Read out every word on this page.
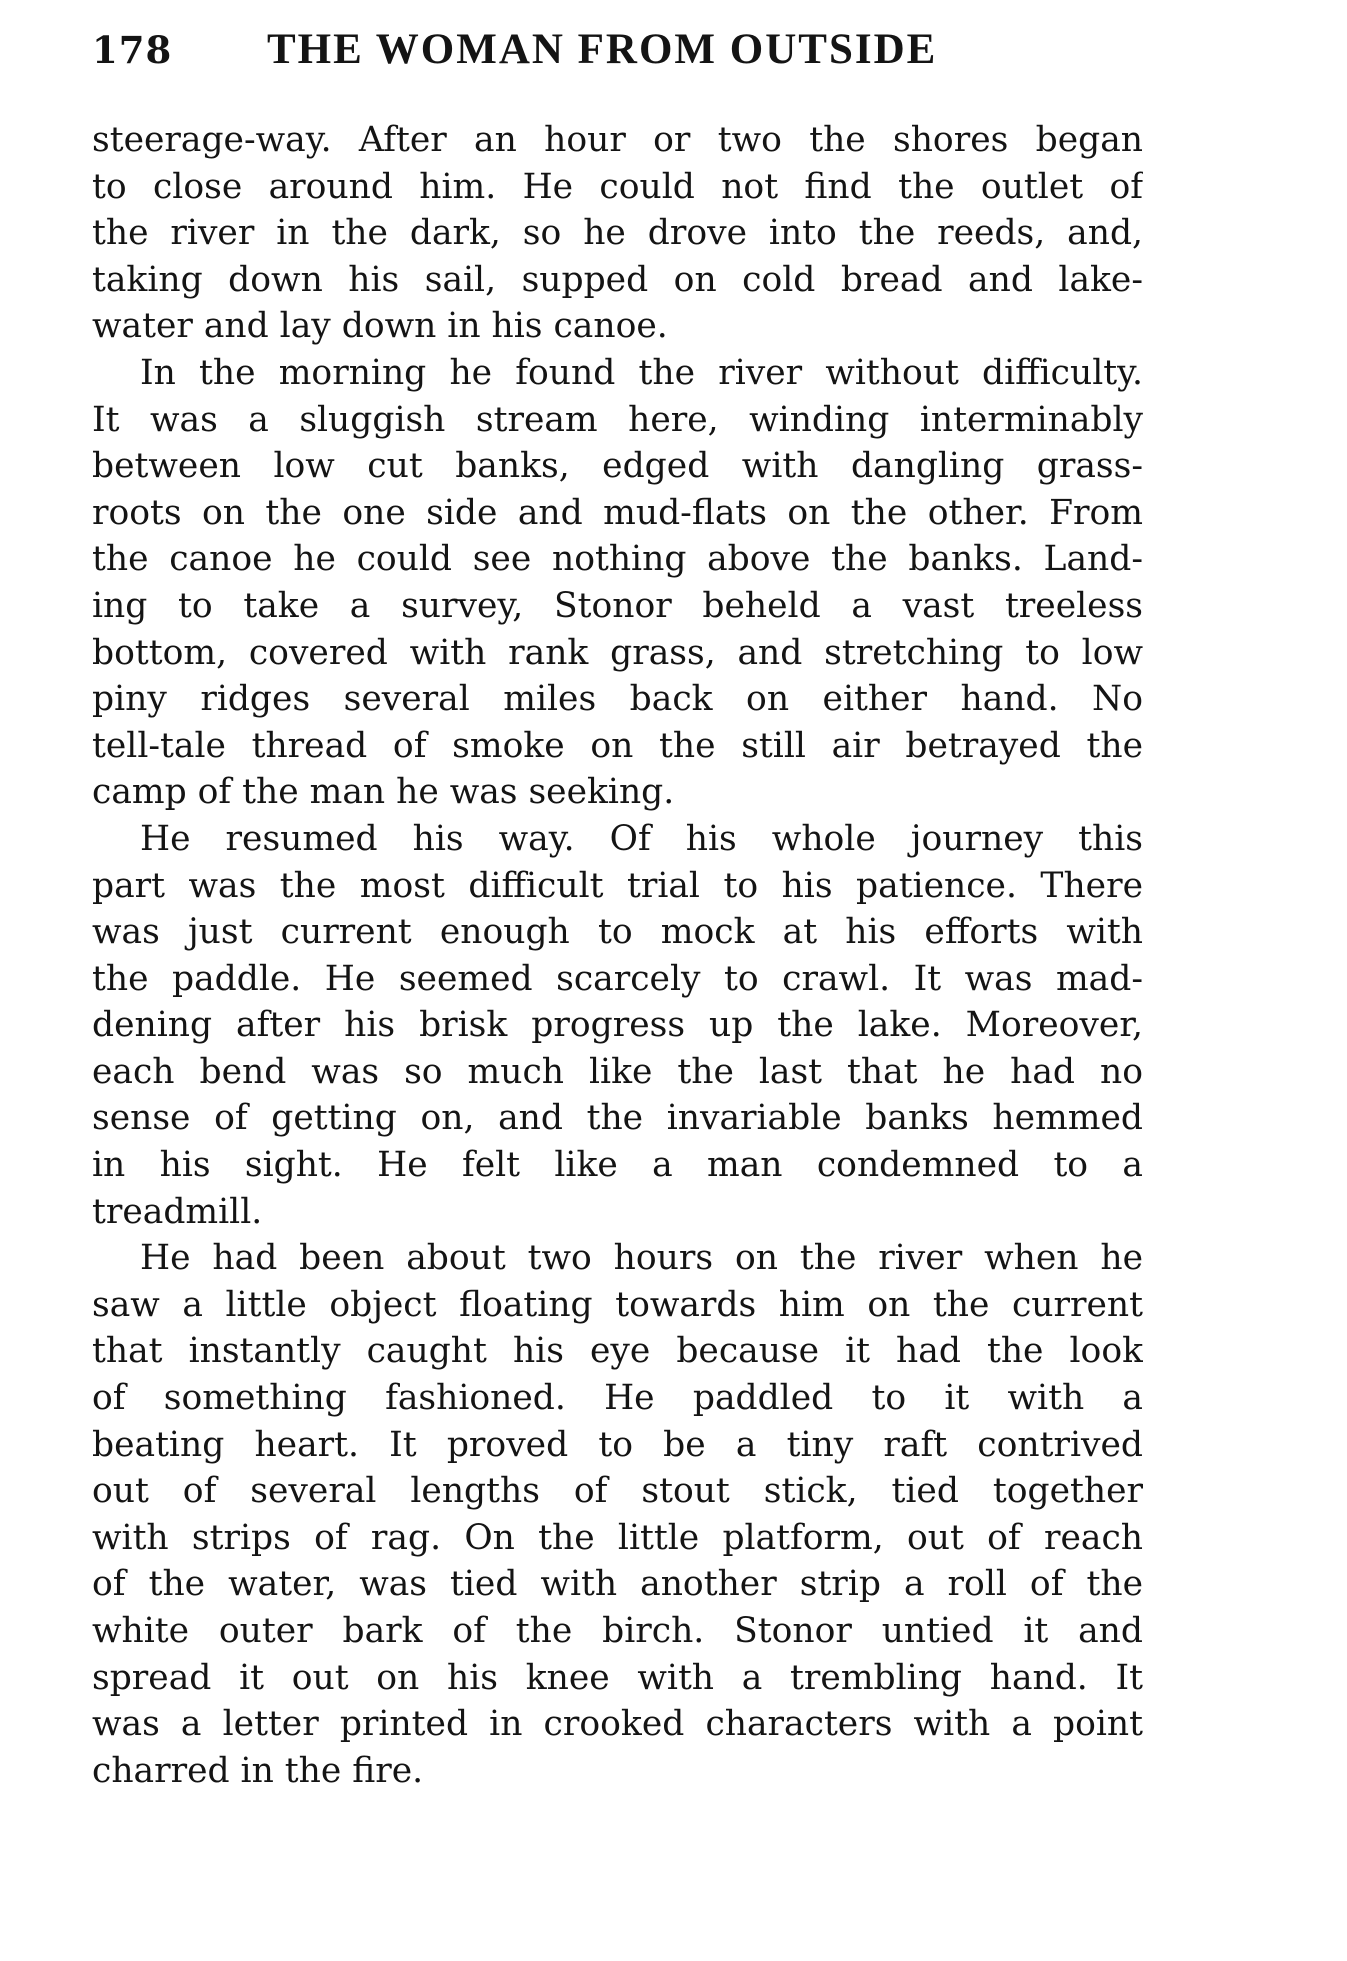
178 THE WOMAN FROM OUTSIDE
steerage-way. After an hour or two the shores began
to close around him. He could not find the outlet of
the river in the dark, so he drove into the reeds, and,
taking down his sail, supped on cold bread and lake-
water and lay down in his canoe.
In the morning he found the river without difficulty.
It was a sluggish stream here, winding interminably
between low cut banks, edged with dangling grass-
roots on the one side and mud-flats on the other. From
the canoe he could see nothing above the banks. Land-
ing to take a survey, Stonor beheld a vast treeless
bottom, covered with rank grass, and stretching to low
piny ridges several miles back on either hand. No
tell-tale thread of smoke on the still air betrayed the
camp of the man he was seeking.
He resumed his way. Of his whole journey this
part was the most difficult trial to his patience. There
was just current enough to mock at his efforts with
the paddle. He seemed scarcely to crawl. It was mad-
dening after his brisk progress up the lake. Moreover,
each bend was so much like the last that he had no
sense of getting on, and the invariable banks hemmed
in his sight. He felt like a man condemned to a
treadmill.
He had been about two hours on the river when he
saw a little object floating towards him on the current
that instantly caught his eye because it had the look
of something fashioned. He paddled to it with a
beating heart. It proved to be a tiny raft contrived
out of several lengths of stout stick, tied together
with strips of rag. On the little platform, out of reach
of the water, was tied with another strip a roll of the
white outer bark of the birch. Stonor untied it and
spread it out on his knee with a trembling hand. It
was a letter printed in crooked characters with a point
charred in the fire.
